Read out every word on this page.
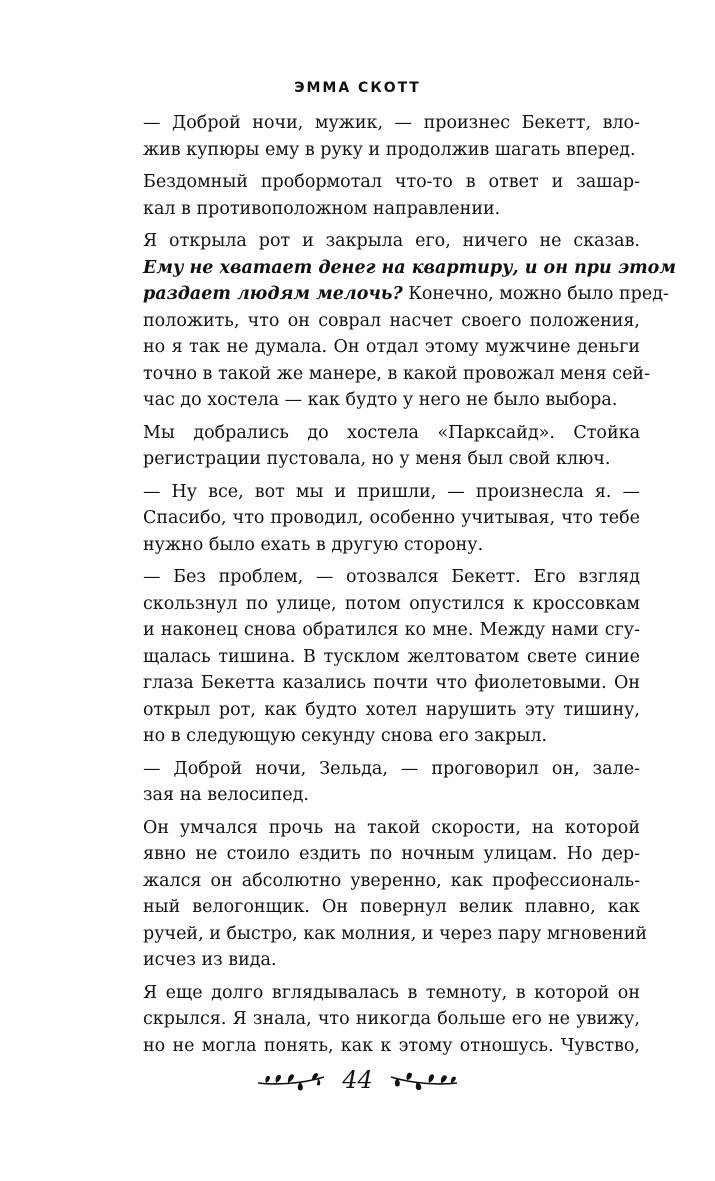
ЭММА СКОТТ

— Доброй ночи, мужик, — произнес Бекетт, вло-
жив купюры ему в руку и продолжив шагать вперед.

Бездомный пробормотал что-то в ответ и зашар-
кал в противоположном направлении.

Я открыла рот и закрыла его, ничего не сказав.
Ему не хватает денег на квартиру, и он при этом
раздает людям мелочь? Конечно, можно было пред-
положить, что он соврал насчет своего положения,
но я так не думала. Он отдал этому мужчине деньги
точно в такой же манере, в какой провожал меня сей-
час до хостела — как будто у него не было выбора.

Мы добрались до хостела «Парксайд». Стойка
регистрации пустовала, но у меня был свой ключ.

— Ну все, вот мы и пришли, — произнесла я. —
Спасибо, что проводил, особенно учитывая, что тебе
нужно было ехать в другую сторону.

— Без проблем, — отозвался Бекетт. Его взгляд
скользнул по улице, потом опустился к кроссовкам
и наконец снова обратился ко мне. Между нами сгу-
щалась тишина. В тусклом желтоватом свете синие
глаза Бекетта казались почти что фиолетовыми. Он
открыл рот, как будто хотел нарушить эту тишину,
но в следующую секунду снова его закрыл.

— Доброй ночи, Зельда, — проговорил он, зале-
зая на велосипед.

Он умчался прочь на такой скорости, на которой
явно не стоило ездить по ночным улицам. Но дер-
жался он абсолютно уверенно, как профессиональ-
ный велогонщик. Он повернул велик плавно, как
ручей, и быстро, как молния, и через пару мгновений
исчез из вида.

Я еще долго вглядывалась в темноту, в которой он
скрылся. Я знала, что никогда больше его не увижу,
но не могла понять, как к этому отношусь. Чувство,

44
